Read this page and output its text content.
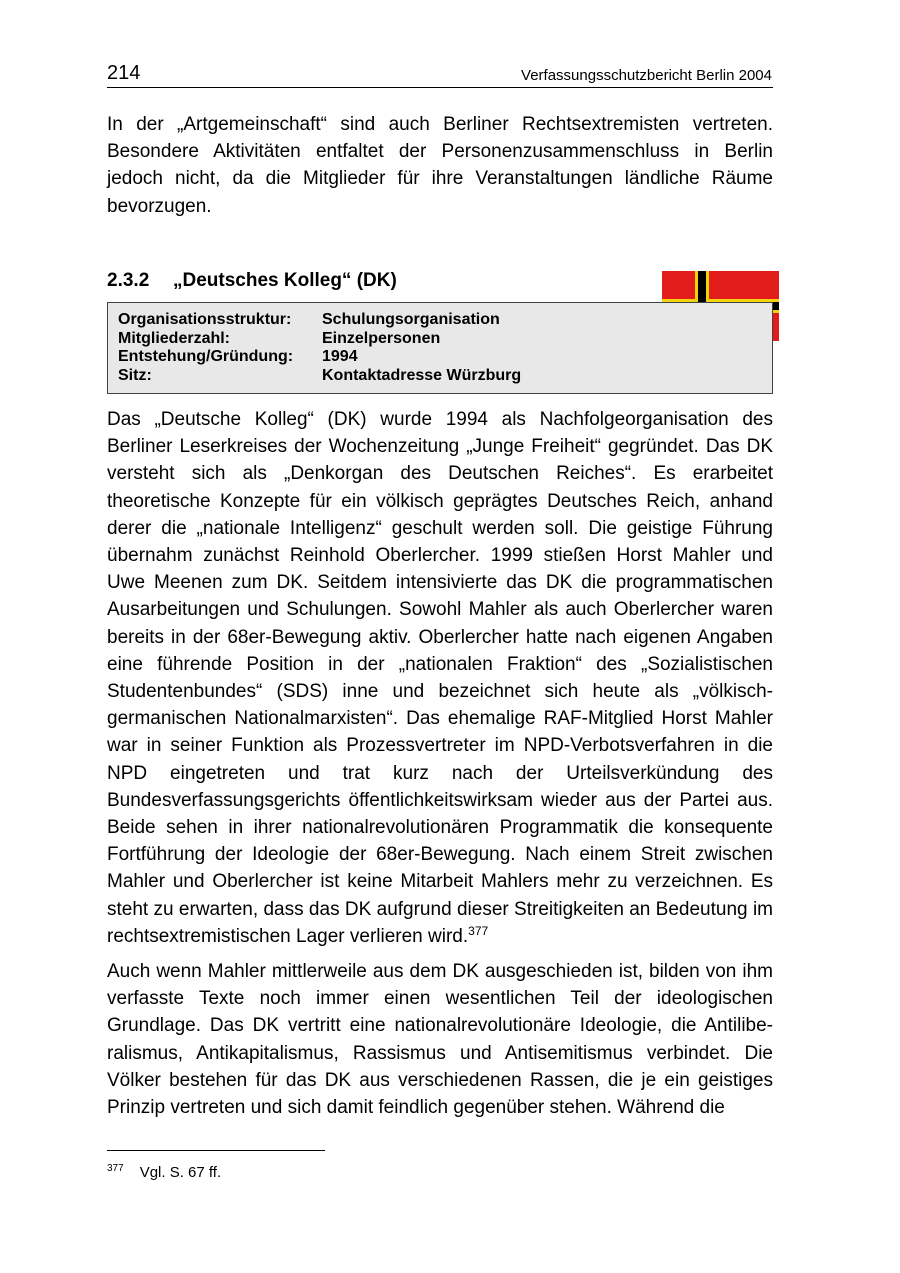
214	Verfassungsschutzbericht Berlin 2004

In der „Artgemeinschaft“ sind auch Berliner Rechtsextremisten vertreten. Besondere Aktivitäten entfaltet der Personenzusammenschluss in Berlin jedoch nicht, da die Mitglieder für ihre Veranstaltungen ländliche Räume bevorzugen.

2.3.2 „Deutsches Kolleg“ (DK)
Organisationsstruktur:	Schulungsorganisation
Mitgliederzahl:	Einzelpersonen
Entstehung/Gründung:	1994
Sitz:	Kontaktadresse Würzburg

Das „Deutsche Kolleg“ (DK) wurde 1994 als Nachfolgeorganisation des Berliner Leserkreises der Wochenzeitung „Junge Freiheit“ gegründet. Das DK versteht sich als „Denkorgan des Deutschen Reiches“. Es erarbeitet theoretische Konzepte für ein völkisch geprägtes Deutsches Reich, anhand derer die „nationale Intelligenz“ geschult werden soll. Die geistige Führung übernahm zunächst Reinhold Oberlercher. 1999 stießen Horst Mahler und Uwe Meenen zum DK. Seitdem intensivierte das DK die programmatischen Ausarbeitungen und Schulungen. Sowohl Mahler als auch Oberlercher waren bereits in der 68er-Bewegung aktiv. Oberlercher hatte nach eigenen Angaben eine führende Position in der „nationalen Fraktion“ des „Sozialistischen Studentenbundes“ (SDS) inne und bezeichnet sich heute als „völkisch-germanischen Nationalmarxisten“. Das ehemalige RAF-Mitglied Horst Mahler war in seiner Funktion als Prozessvertreter im NPD-Verbotsverfahren in die NPD eingetreten und trat kurz nach der Urteilsverkündung des Bundesverfassungsgerichts öffentlichkeitswirksam wieder aus der Partei aus. Beide sehen in ihrer nationalrevolutionären Programmatik die konsequente Fortführung der Ideologie der 68er-Bewegung. Nach einem Streit zwischen Mahler und Oberlercher ist keine Mitarbeit Mahlers mehr zu verzeichnen. Es steht zu erwarten, dass das DK aufgrund dieser Streitigkeiten an Bedeutung im rechtsextremistischen Lager verlieren wird.$^{377}$

Auch wenn Mahler mittlerweile aus dem DK ausgeschieden ist, bilden von ihm verfasste Texte noch immer einen wesentlichen Teil der ideologischen Grundlage. Das DK vertritt eine nationalrevolutionäre Ideologie, die Antiliberalismus, Antikapitalismus, Rassismus und Antisemitismus verbindet. Die Völker bestehen für das DK aus verschiedenen Rassen, die je ein geistiges Prinzip vertreten und sich damit feindlich gegenüber stehen. Während die

$^{377}$ Vgl. S. 67 ff.
